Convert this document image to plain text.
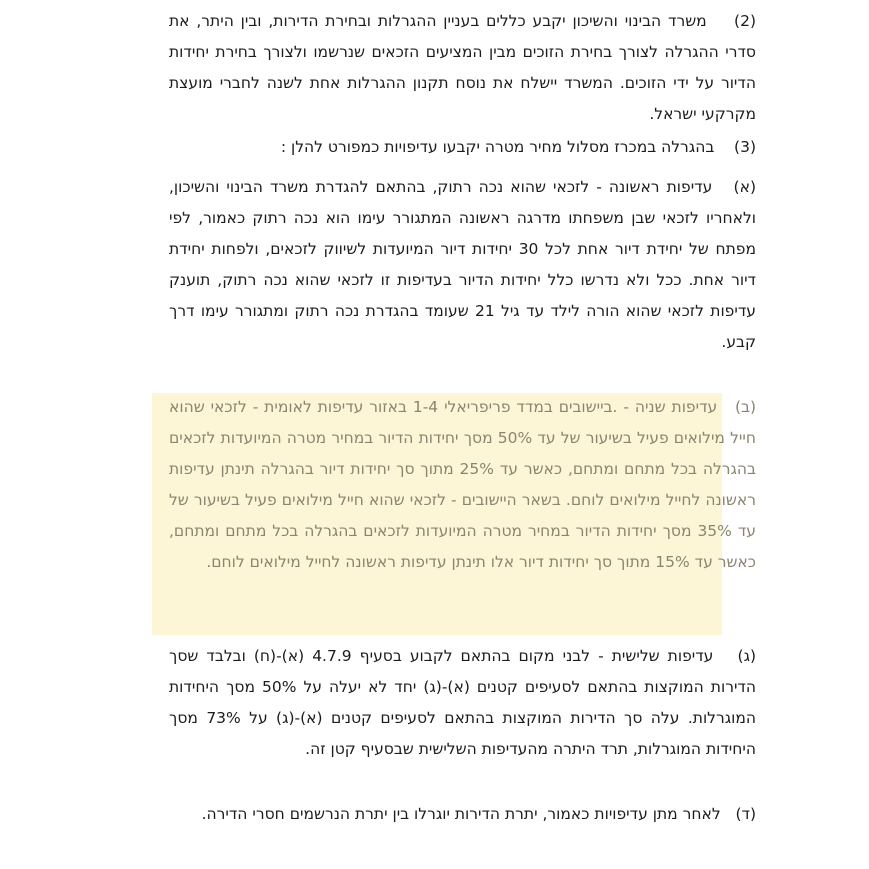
(2)    משרד הבינוי והשיכון יקבע כללים בעניין ההגרלות ובחירת הדירות, ובין היתר, את סדרי ההגרלה לצורך בחירת הזוכים מבין המציעים הזכאים שנרשמו ולצורך בחירת יחידות הדיור על ידי הזוכים. המשרד יישלח את נוסח תקנון ההגרלות אחת לשנה לחברי מועצת מקרקעי ישראל.

(3)    בהגרלה במכרז מסלול מחיר מטרה יקבעו עדיפויות כמפורט להלן :

(א)   עדיפות ראשונה - לזכאי שהוא נכה רתוק, בהתאם להגדרת משרד הבינוי והשיכון, ולאחריו לזכאי שבן משפחתו מדרגה ראשונה המתגורר עימו הוא נכה רתוק כאמור, לפי מפתח של יחידת דיור אחת לכל 30 יחידות דיור המיועדות לשיווק לזכאים, ולפחות יחידת דיור אחת. ככל ולא נדרשו כלל יחידות הדיור בעדיפות זו לזכאי שהוא נכה רתוק, תוענק עדיפות לזכאי שהוא הורה לילד עד גיל 21 שעומד בהגדרת נכה רתוק ומתגורר עימו דרך קבע.

(ב)   עדיפות שניה - .ביישובים במדד פריפריאלי 1-4 באזור עדיפות לאומית - לזכאי שהוא חייל מילואים פעיל בשיעור של עד 50% מסך יחידות הדיור במחיר מטרה המיועדות לזכאים בהגרלה בכל מתחם ומתחם, כאשר עד 25% מתוך סך יחידות דיור בהגרלה תינתן עדיפות ראשונה לחייל מילואים לוחם. בשאר היישובים - לזכאי שהוא חייל מילואים פעיל בשיעור של עד 35% מסך יחידות הדיור במחיר מטרה המיועדות לזכאים בהגרלה בכל מתחם ומתחם, כאשר עד 15% מתוך סך יחידות דיור אלו תינתן עדיפות ראשונה לחייל מילואים לוחם.

(ג)   עדיפות שלישית - לבני מקום בהתאם לקבוע בסעיף 4.7.9 (א)-(ח) ובלבד שסך הדירות המוקצות בהתאם לסעיפים קטנים (א)-(ג) יחד לא יעלה על 50% מסך היחידות המוגרלות. עלה סך הדירות המוקצות בהתאם לסעיפים קטנים (א)-(ג) על 73% מסך היחידות המוגרלות, תרד היתרה מהעדיפות השלישית שבסעיף קטן זה.

(ד)   לאחר מתן עדיפויות כאמור, יתרת הדירות יוגרלו בין יתרת הנרשמים חסרי הדירה.
